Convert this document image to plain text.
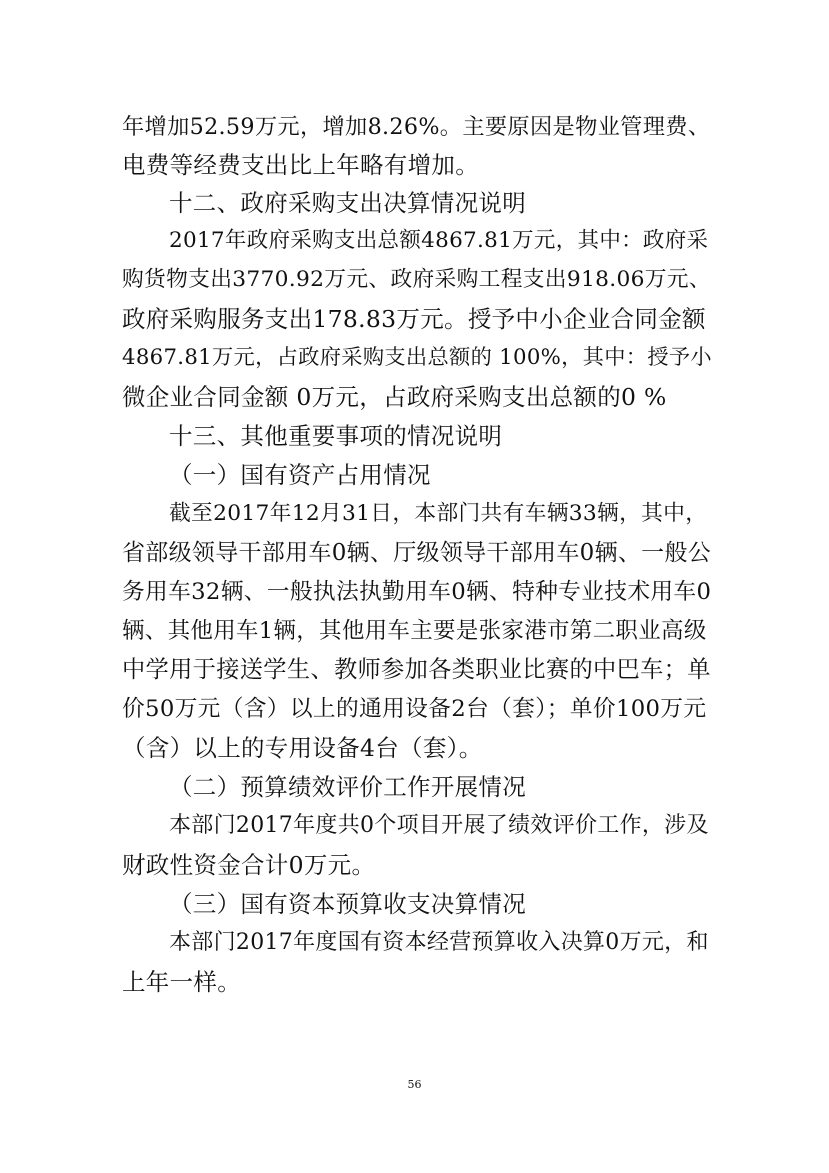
年增加52.59万元，增加8.26%。主要原因是物业管理费、
电费等经费支出比上年略有增加。
十二、政府采购支出决算情况说明
2017年政府采购支出总额4867.81万元，其中：政府采
购货物支出3770.92万元、政府采购工程支出918.06万元、
政府采购服务支出178.83万元。授予中小企业合同金额
4867.81万元，占政府采购支出总额的 100%，其中：授予小
微企业合同金额 0万元，占政府采购支出总额的0 %
十三、其他重要事项的情况说明
（一）国有资产占用情况
截至2017年12月31日，本部门共有车辆33辆，其中，
省部级领导干部用车0辆、厅级领导干部用车0辆、一般公
务用车32辆、一般执法执勤用车0辆、特种专业技术用车0
辆、其他用车1辆，其他用车主要是张家港市第二职业高级
中学用于接送学生、教师参加各类职业比赛的中巴车；单
价50万元（含）以上的通用设备2台（套）；单价100万元
（含）以上的专用设备4台（套）。
（二）预算绩效评价工作开展情况
本部门2017年度共0个项目开展了绩效评价工作，涉及
财政性资金合计0万元。
（三）国有资本预算收支决算情况
本部门2017年度国有资本经营预算收入决算0万元，和
上年一样。
56
